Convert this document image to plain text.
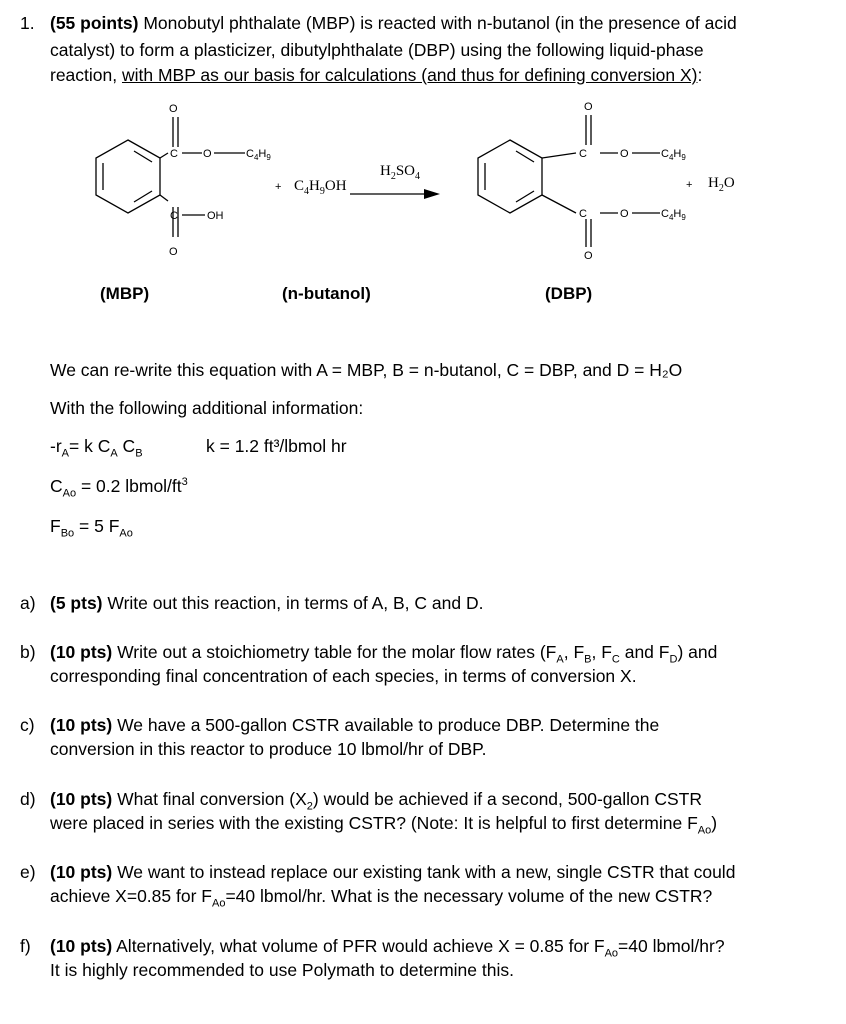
1. (55 points) Monobutyl phthalate (MBP) is reacted with n-butanol (in the presence of acid
catalyst) to form a plasticizer, dibutylphthalate (DBP) using the following liquid-phase
reaction, with MBP as our basis for calculations (and thus for defining conversion X):
O
C O	$C_4H_9$
C	OH
O
O
C	O	$C_4H_9$
C	O	$C_4H_9$
O
+	+
$C_4H_9OH$
$H_2SO_4$	$H_2O$
(MBP)	(n-butanol)	(DBP)
We can re-write this equation with A = MBP, B = n-butanol, C = DBP, and D = H₂O
With the following additional information:
$-r_A= k$ $C_A$ $C_B$	k = 1.2 ft³/lbmol hr
$C_{Ao} = 0.2$ lbmol/$ft^3$
$F_{Bo} = 5$ $F_{Ao}$
a) (5 pts) Write out this reaction, in terms of A, B, C and D.
b) (10 pts) Write out a stoichiometry table for the molar flow rates ($F_A$, $F_B$, $F_C$ and $F_D$) and
corresponding final concentration of each species, in terms of conversion X.
c) (10 pts) We have a 500-gallon CSTR available to produce DBP. Determine the
conversion in this reactor to produce 10 lbmol/hr of DBP.
d) (10 pts) What final conversion $(X_2)$ would be achieved if a second, 500-gallon CSTR
were placed in series with the existing CSTR? (Note: It is helpful to first determine $F_{Ao}$)
e) (10 pts) We want to instead replace our existing tank with a new, single CSTR that could
achieve X=0.85 for $F_{Ao}=40$ lbmol/hr. What is the necessary volume of the new CSTR?
f) (10 pts) Alternatively, what volume of PFR would achieve X = 0.85 for $F_{Ao}=40$ lbmol/hr?
It is highly recommended to use Polymath to determine this.
